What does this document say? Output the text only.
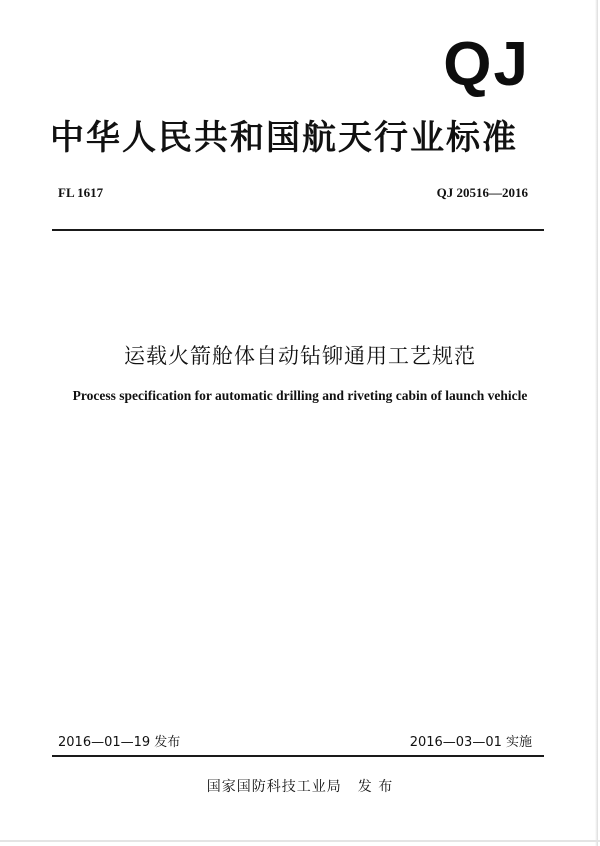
QJ
中华人民共和国航天行业标准
FL 1617	QJ 20516—2016
运载火箭舱体自动钻铆通用工艺规范
Process specification for automatic drilling and riveting cabin of launch vehicle
2016—01—19 发布	2016—03—01 实施
国家国防科技工业局 发 布
